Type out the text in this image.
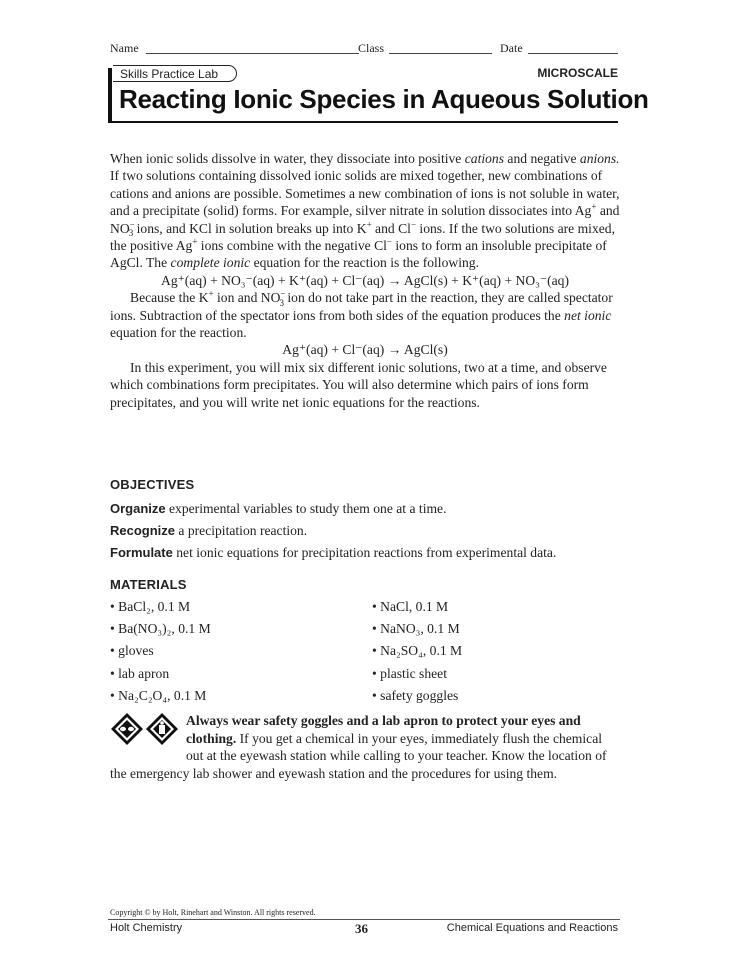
Name	Class	Date
Skills Practice Lab	MICROSCALE
Reacting Ionic Species in Aqueous Solution

When ionic solids dissolve in water, they dissociate into positive cations and negative anions. If two solutions containing dissolved ionic solids are mixed together, new combinations of cations and anions are possible. Sometimes a new combination of ions is not soluble in water, and a precipitate (solid) forms. For example, silver nitrate in solution dissociates into Ag+ and $NO^-_3$ ions, and KCl in solution breaks up into K+ and Cl− ions. If the two solutions are mixed, the positive Ag+ ions combine with the negative Cl− ions to form an insoluble precipitate of AgCl. The complete ionic equation for the reaction is the following.

Ag⁺(aq) + NO₃⁻(aq) + K⁺(aq) + Cl⁻(aq) → AgCl(s) + K⁺(aq) + NO₃⁻(aq)

Because the K+ ion and $NO^-_3$ ion do not take part in the reaction, they are called spectator ions. Subtraction of the spectator ions from both sides of the equation produces the net ionic equation for the reaction.

Ag⁺(aq) + Cl⁻(aq) → AgCl(s)

In this experiment, you will mix six different ionic solutions, two at a time, and observe which combinations form precipitates. You will also determine which pairs of ions form precipitates, and you will write net ionic equations for the reactions.

OBJECTIVES
Organize experimental variables to study them one at a time.
Recognize a precipitation reaction.
Formulate net ionic equations for precipitation reactions from experimental data.
MATERIALS
• BaCl₂, 0.1 M
• Ba(NO₃)₂, 0.1 M
• gloves
• lab apron
• Na₂C₂O₄, 0.1 M
• NaCl, 0.1 M
• NaNO₃, 0.1 M
• Na₂SO₄, 0.1 M
• plastic sheet
• safety goggles
Always wear safety goggles and a lab apron to protect your eyes and clothing. If you get a chemical in your eyes, immediately flush the chemical out at the eyewash station while calling to your teacher. Know the location of the emergency lab shower and eyewash station and the procedures for using them.
Copyright © by Holt, Rinehart and Winston. All rights reserved.
Holt Chemistry	36	Chemical Equations and Reactions
